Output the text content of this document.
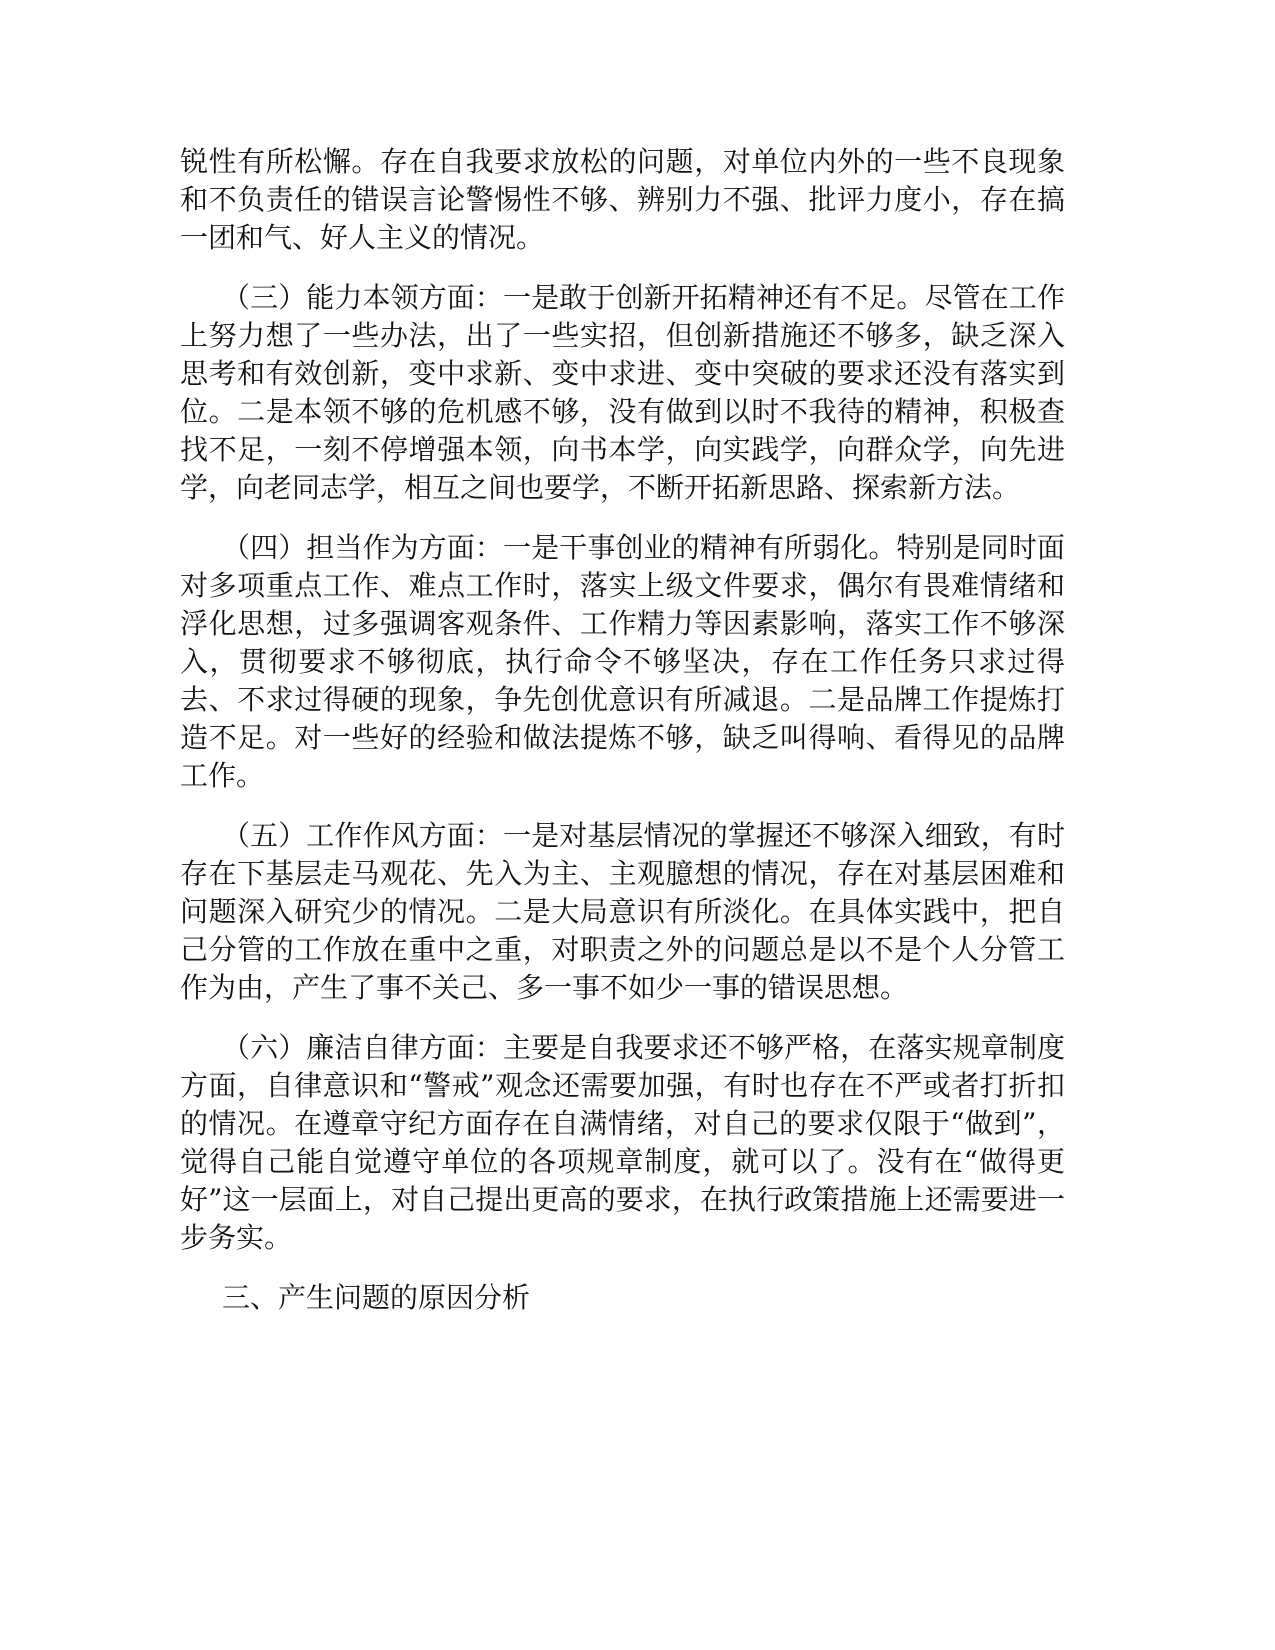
锐性有所松懈。存在自我要求放松的问题，对单位内外的一些不良现象和不负责任的错误言论警惕性不够、辨别力不强、批评力度小，存在搞一团和气、好人主义的情况。

（三）能力本领方面：一是敢于创新开拓精神还有不足。尽管在工作上努力想了一些办法，出了一些实招，但创新措施还不够多，缺乏深入思考和有效创新，变中求新、变中求进、变中突破的要求还没有落实到位。二是本领不够的危机感不够，没有做到以时不我待的精神，积极查找不足，一刻不停增强本领，向书本学，向实践学，向群众学，向先进学，向老同志学，相互之间也要学，不断开拓新思路、探索新方法。

（四）担当作为方面：一是干事创业的精神有所弱化。特别是同时面对多项重点工作、难点工作时，落实上级文件要求，偶尔有畏难情绪和浮化思想，过多强调客观条件、工作精力等因素影响，落实工作不够深入，贯彻要求不够彻底，执行命令不够坚决，存在工作任务只求过得去、不求过得硬的现象，争先创优意识有所减退。二是品牌工作提炼打造不足。对一些好的经验和做法提炼不够，缺乏叫得响、看得见的品牌工作。

（五）工作作风方面：一是对基层情况的掌握还不够深入细致，有时存在下基层走马观花、先入为主、主观臆想的情况，存在对基层困难和问题深入研究少的情况。二是大局意识有所淡化。在具体实践中，把自己分管的工作放在重中之重，对职责之外的问题总是以不是个人分管工作为由，产生了事不关己、多一事不如少一事的错误思想。

（六）廉洁自律方面：主要是自我要求还不够严格，在落实规章制度方面，自律意识和“警戒”观念还需要加强，有时也存在不严或者打折扣的情况。在遵章守纪方面存在自满情绪，对自己的要求仅限于“做到”，觉得自己能自觉遵守单位的各项规章制度，就可以了。没有在“做得更好”这一层面上，对自己提出更高的要求，在执行政策措施上还需要进一步务实。

三、产生问题的原因分析
